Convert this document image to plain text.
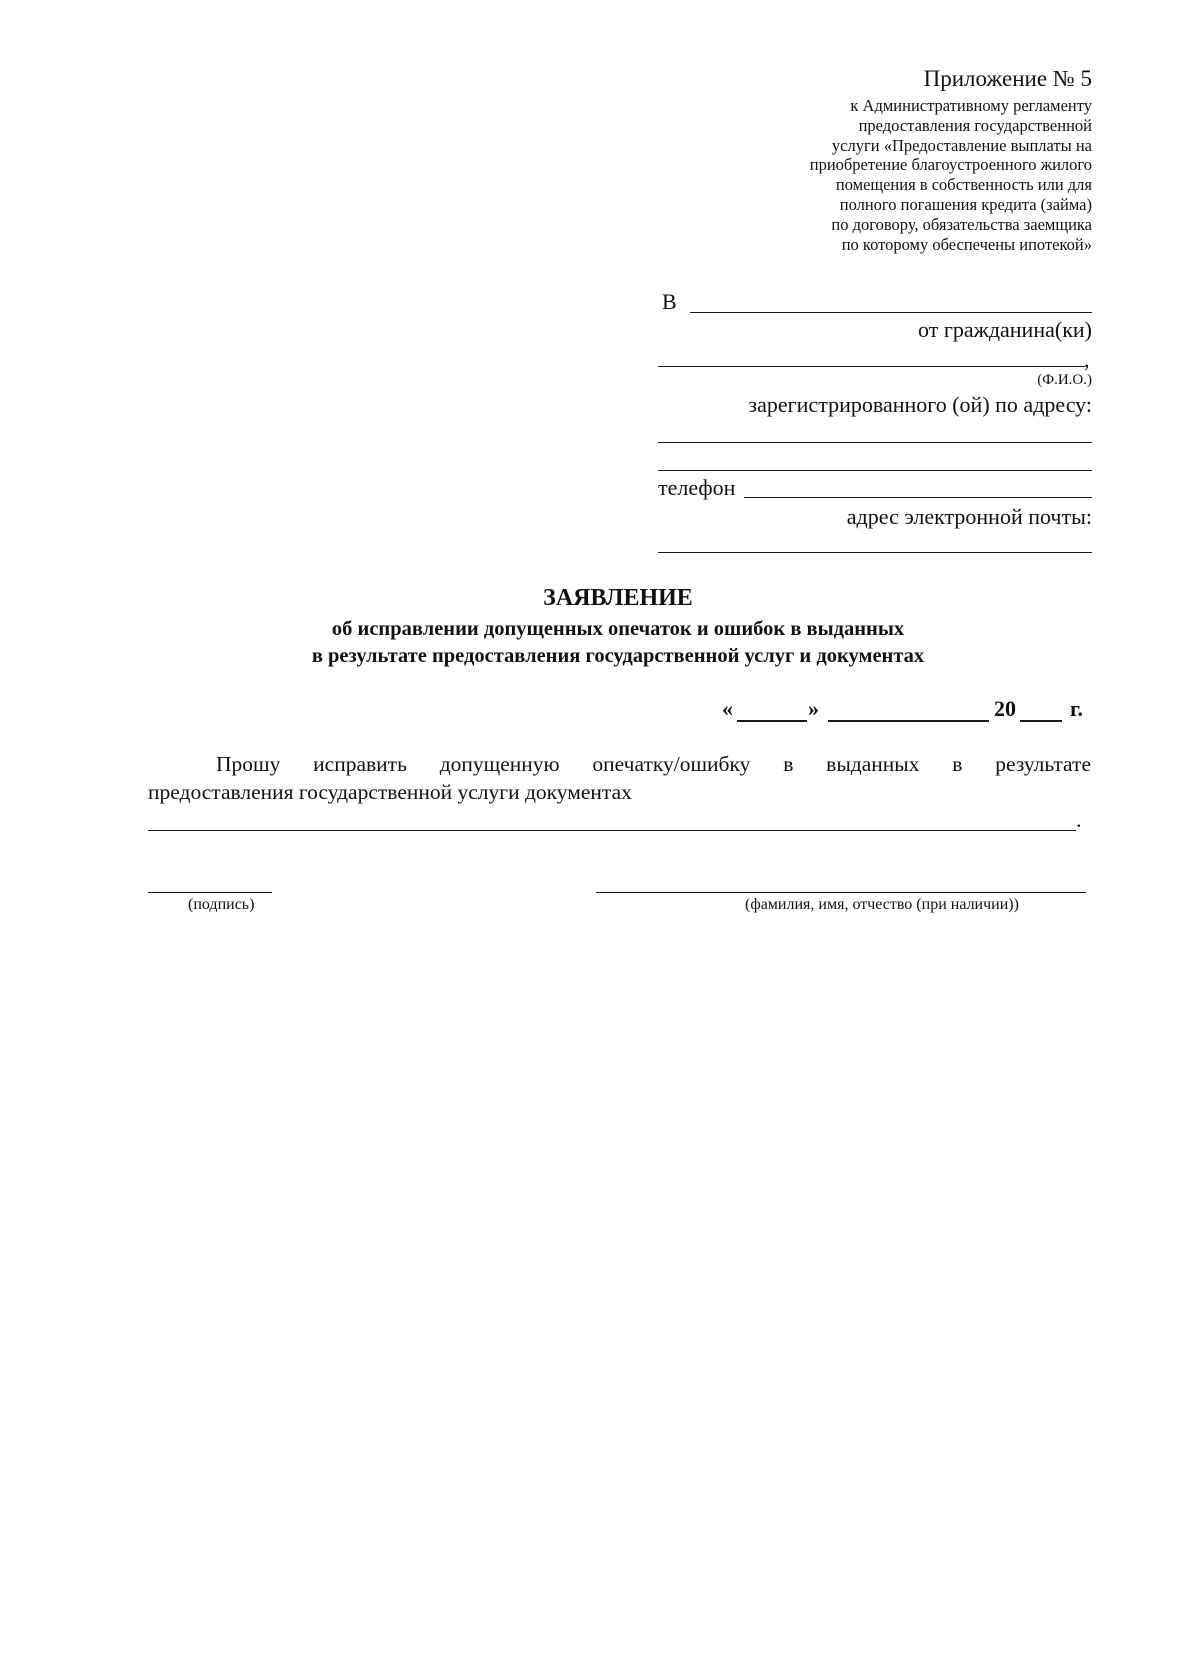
Приложение № 5
к Административному регламенту
предоставления государственной
услуги «Предоставление выплаты на
приобретение благоустроенного жилого
помещения в собственность или для
полного погашения кредита (займа)
по договору, обязательства заемщика
по которому обеспечены ипотекой»
В
от гражданина(ки)
,
(Ф.И.О.)
зарегистрированного (ой) по адресу:
телефон
адрес электронной почты:
ЗАЯВЛЕНИЕ
об исправлении допущенных опечаток и ошибок в выданных
в результате предоставления государственной услуг и документах
«	»	20 г.
Прошу исправить допущенную опечатку/ошибку в выданных в результате
предоставления государственной услуги документах
.
(подпись)	(фамилия, имя, отчество (при наличии))
